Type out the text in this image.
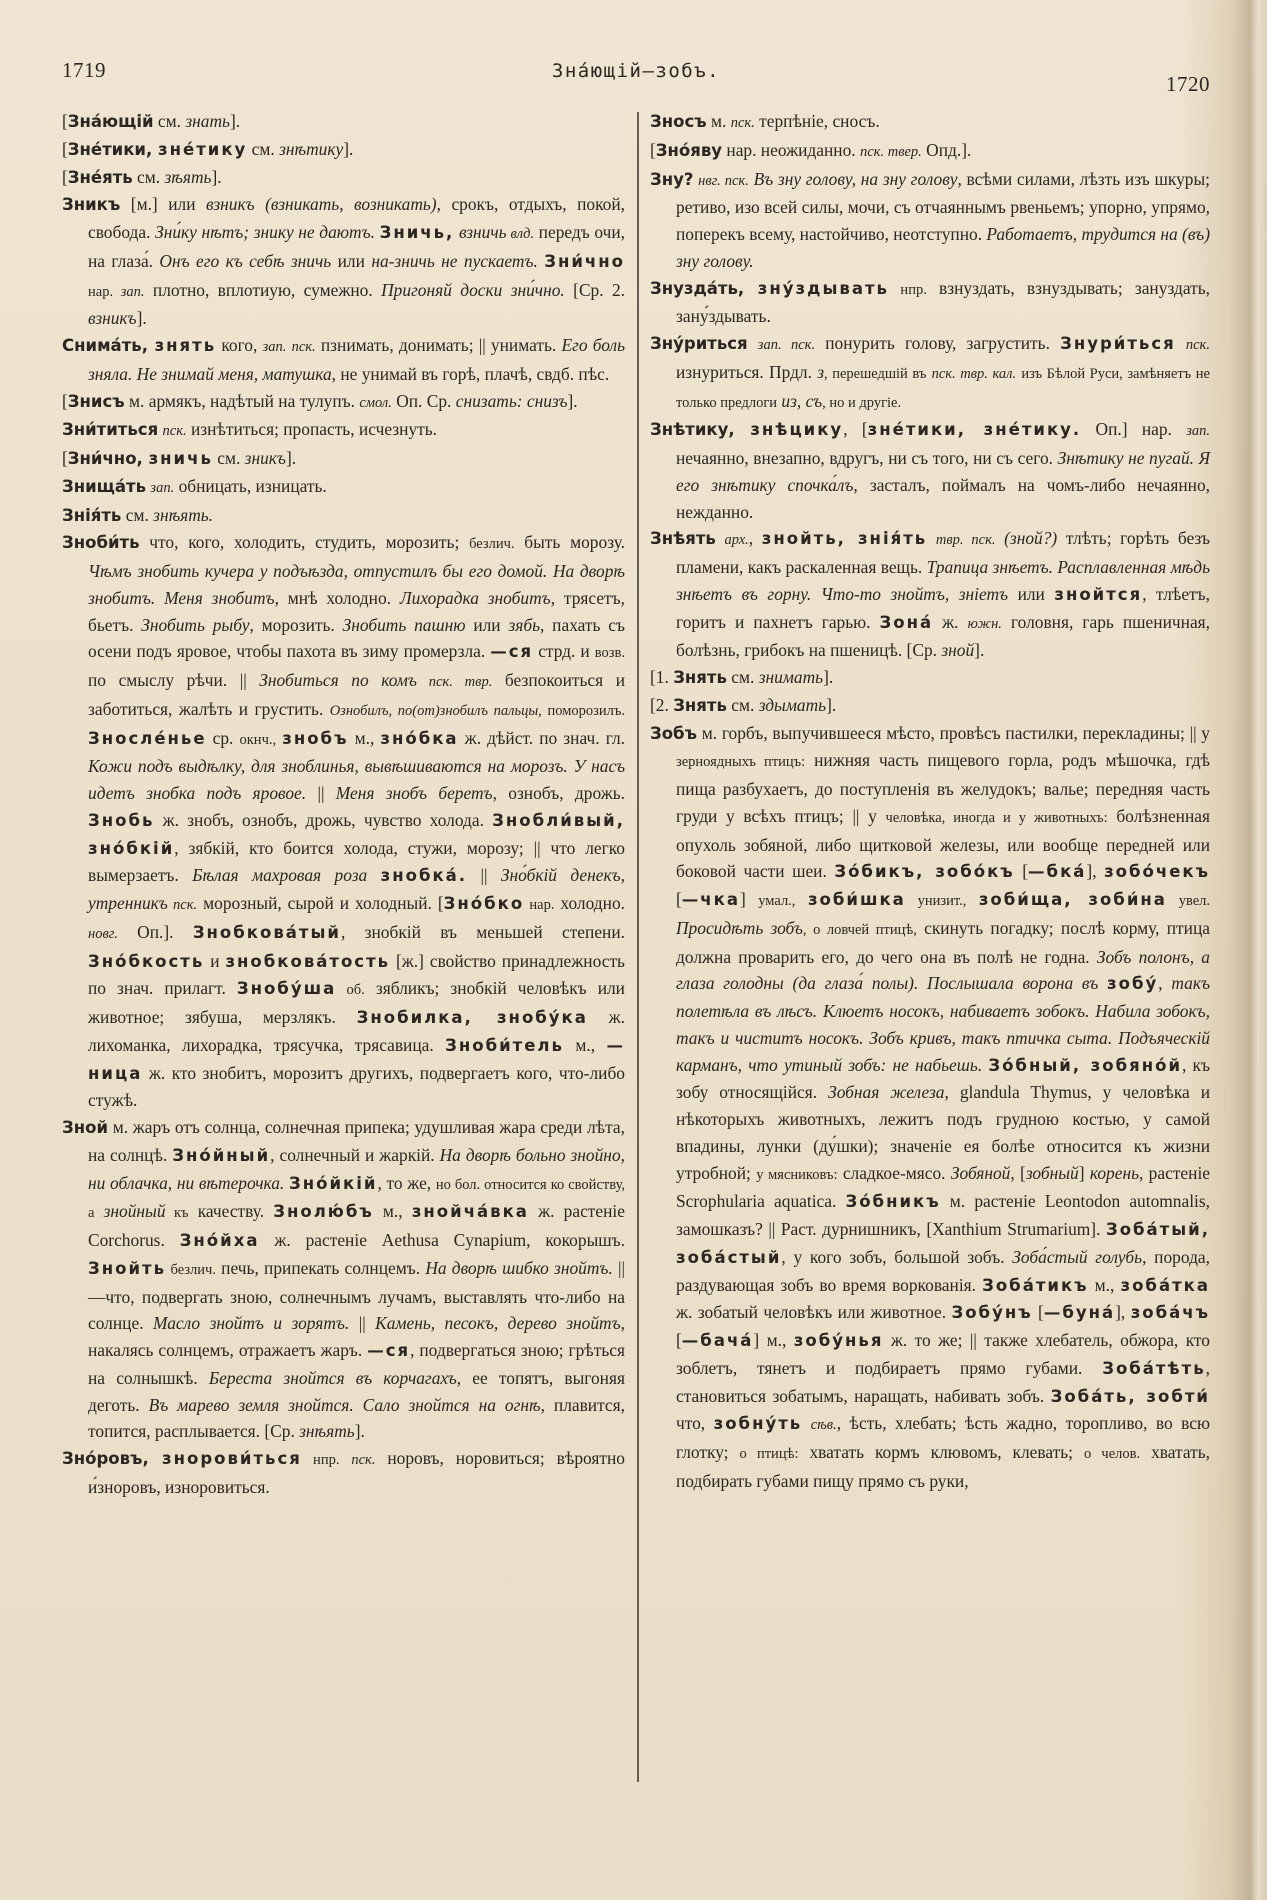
1719	Зна́ющій—зобъ.
1720

[Зна́ющій см. знать].

[Зне́тики, зне́тику см. знѣтику].

[Зне́ять см. зѣять].

Зникъ [м.] или взникъ (взникать, возникать), срокъ, отдыхъ, покой, свобода. Зни́ку нѣтъ; знику не даютъ. Зничь, взничь влд. передъ очи, на глаза́. Онъ его къ себѣ зничь или на-зничь не пускаетъ. Зни́чно нар. зап. плотно, вплотиую, сумежно. Пригоняй доски зни́чно. [Ср. 2. взникъ].

Снима́ть, знять кого, зап. пск. пзнимать, донимать; || унимать. Его боль зняла. Не знимай меня, матушка, не унимай въ горѣ, плачѣ, свдб. пѣс.

[Знисъ м. армякъ, надѣтый на тулупъ. смол. Оп. Ср. снизать: снизъ].

Зни́титься пск. изнѣтиться; пропасть, исчезнуть.

[Зни́чно, зничь см. зникъ].

Знища́ть зап. обницать, изницать.

Знія́ть см. знѣять.

Зноби́ть что, кого, холодить, студить, морозить; безлич. быть морозу. Чѣмъ знобить кучера у подъѣзда, отпустилъ бы его домой. На дворѣ знобитъ. Меня знобитъ, мнѣ холодно. Лихорадка знобитъ, трясетъ, бьетъ. Знобить рыбу, морозить. Знобить пашню или зябь, пахать съ осени подъ яровое, чтобы пахота въ зиму промерзла. —ся стрд. и возв. по смыслу рѣчи. || Знобиться по комъ пск. твр. безпокоиться и заботиться, жалѣть и грустить. Ознобилъ, по(от)знобилъ пальцы, поморозилъ. Зносле́нье ср. окнч., знобъ м., зно́бка ж. дѣйст. по знач. гл. Кожи подъ выдѣлку, для зноблинья, вывѣшиваются на морозъ. У насъ идетъ знобка подъ яровое. || Меня знобъ беретъ, ознобъ, дрожь. Знобь ж. знобъ, ознобъ, дрожь, чувство холода. Знобли́вый, зно́бкій, зябкій, кто боится холода, стужи, морозу; || что легко вымерзаетъ. Бѣлая махровая роза знобка́. || Зно́бкій денекъ, утренникъ пск. морозный, сырой и холодный. [Зно́бко нар. холодно. новг. Оп.]. Знобкова́тый, знобкій въ меньшей степени. Зно́бкость и знобкова́тость [ж.] свойство принадлежность по знач. прилагт. Знобу́ша об. зябликъ; знобкій человѣкъ или животное; зябуша, мерзлякъ. Знобилка, знобу́ка ж. лихоманка, лихорадка, трясучка, трясавица. Зноби́тель м., —ница ж. кто знобитъ, морозитъ другихъ, подвергаетъ кого, что-либо стужѣ.

Зной м. жаръ отъ солнца, солнечная припека; удушливая жара среди лѣта, на солнцѣ. Зно́йный, солнечный и жаркій. На дворѣ больно знойно, ни облачка, ни вѣтерочка. Зно́йкій, то же, но бол. относится ко свойству, а знойный къ качеству. Знолю́бъ м., знойча́вка ж. растеніе Corchorus. Зно́йха ж. растеніе Aethusa Cynapium, кокорышъ. Знойть безлич. печь, припекать солнцемъ. На дворѣ шибко знойтъ. || —что, подвергать зною, солнечнымъ лучамъ, выставлять что-либо на солнце. Масло знойтъ и зорятъ. || Камень, песокъ, дерево знойтъ, накалясь солнцемъ, отражаетъ жаръ. —ся, подвергаться зною; грѣться на солнышкѣ. Береста знойтся въ корчагахъ, ее топятъ, выгоняя деготь. Въ марево земля знойтся. Сало знойтся на огнѣ, плавится, топится, расплывается. [Ср. знѣять].

Зно́ровъ, знорови́ться нпр. пск. норовъ, норовиться; вѣроятно и́зноровъ, изноровиться.

Зносъ м. пск. терпѣніе, сносъ.

[Зно́яву нар. неожиданно. пск. твер. Опд.].

Зну? нвг. пск. Въ зну голову, на зну голову, всѣми силами, лѣзть изъ шкуры; ретиво, изо всей силы, мочи, съ отчаяннымъ рвеньемъ; упорно, упрямо, поперекъ всему, настойчиво, неотступно. Работаетъ, трудится на (въ) зну голову.

Знузда́ть, зну́здывать нпр. взнуздать, взнуздывать; зануздать, зану́здывать.

Зну́риться зап. пск. понурить голову, загрустить. Знури́ться пск. изнуриться. Прдл. з, перешедшій въ пск. твр. кал. изъ Бѣлой Руси, замѣняетъ не только предлоги из, съ, но и другіе.

Знѣтику, знѣцику, [зне́тики, зне́тику. Оп.] нар. зап. нечаянно, внезапно, вдругъ, ни съ того, ни съ сего. Знѣтику не пугай. Я его знѣтику спочка́лъ, засталъ, поймалъ на чомъ-либо нечаянно, нежданно.

Знѣять арх., знойть, знія́ть твр. пск. (зной?) тлѣть; горѣть безъ пламени, какъ раскаленная вещь. Трапица знѣетъ. Расплавленная мѣдь знѣетъ въ горну. Что-то знойтъ, зніетъ или знойтся, тлѣетъ, горитъ и пахнетъ гарью. Зона́ ж. южн. головня, гарь пшеничная, болѣзнь, грибокъ на пшеницѣ. [Ср. зной].

[1. Знять см. знимать].

[2. Знять см. здымать].

Зобъ м. горбъ, выпучившееся мѣсто, провѣсъ пастилки, перекладины; || у зерноядныхъ птицъ: нижняя часть пищевого горла, родъ мѣшочка, гдѣ пища разбухаетъ, до поступленія въ желудокъ; валье; передняя часть груди у всѣхъ птицъ; || у человѣка, иногда и у животныхъ: болѣзненная опухоль зобяной, либо щитковой железы, или вообще передней или боковой части шеи. Зо́бикъ, зобо́къ [—бка́], зобо́чекъ [—чка] умал., зоби́шка унизит., зоби́ща, зоби́на увел. Просидѣть зобъ, о ловчей птицѣ, скинуть погадку; послѣ корму, птица должна проварить его, до чего она въ полѣ не годна. Зобъ полонъ, а глаза голодны (да глаза́ полы). Послышала ворона въ зобу́, такъ полетѣла въ лѣсъ. Клюетъ носокъ, набиваетъ зобокъ. Набила зобокъ, такъ и чиститъ носокъ. Зобъ кривъ, такъ птичка сыта. Подъяческій карманъ, что утиный зобъ: не набьешь. Зо́бный, зобяно́й, къ зобу относящійся. Зобная железа, glandula Thymus, у человѣка и нѣкоторыхъ животныхъ, лежитъ подъ грудною костью, у самой впадины, лунки (ду́шки); значеніе ея болѣе относится къ жизни утробной; у мясниковъ: сладкое-мясо. Зобяной, [зобный] корень, растеніе Scrophularia aquatica. Зо́бникъ м. растеніе Leontodon automnalis, замошказъ? || Раст. дурнишникъ, [Xanthium Strumarium]. Зоба́тый, зоба́стый, у кого зобъ, большой зобъ. Зоба́стый голубь, порода, раздувающая зобъ во время воркованія. Зоба́тикъ м., зоба́тка ж. зобатый человѣкъ или животное. Зобу́нъ [—буна́], зоба́чъ [—бача́] м., зобу́нья ж. то же; || также хлебатель, обжора, кто зоблетъ, тянетъ и подбираетъ прямо губами. Зоба́тѣть, становиться зобатымъ, наращать, набивать зобъ. Зоба́ть, зобти́ что, зобну́ть сѣв., ѣсть, хлебать; ѣсть жадно, торопливо, во всю глотку; о птицѣ: хватать кормъ клювомъ, клевать; о челов. хватать, подбирать губами пищу прямо съ руки,
